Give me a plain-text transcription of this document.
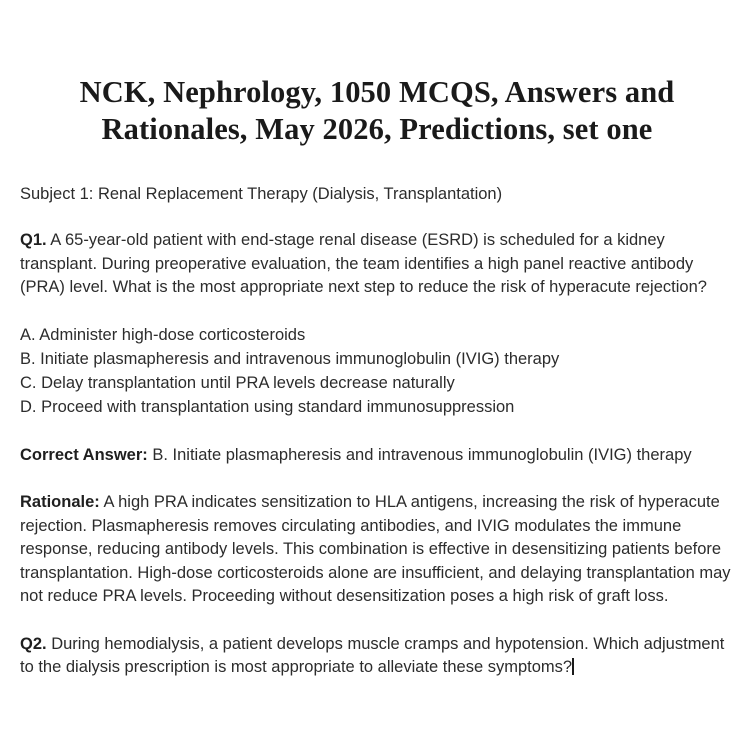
NCK, Nephrology, 1050 MCQS, Answers and Rationales, May 2026, Predictions, set one

Subject 1: Renal Replacement Therapy (Dialysis, Transplantation)

Q1. A 65-year-old patient with end-stage renal disease (ESRD) is scheduled for a kidney transplant. During preoperative evaluation, the team identifies a high panel reactive antibody (PRA) level. What is the most appropriate next step to reduce the risk of hyperacute rejection?

A. Administer high-dose corticosteroids
B. Initiate plasmapheresis and intravenous immunoglobulin (IVIG) therapy
C. Delay transplantation until PRA levels decrease naturally
D. Proceed with transplantation using standard immunosuppression

Correct Answer: B. Initiate plasmapheresis and intravenous immunoglobulin (IVIG) therapy

Rationale: A high PRA indicates sensitization to HLA antigens, increasing the risk of hyperacute rejection. Plasmapheresis removes circulating antibodies, and IVIG modulates the immune response, reducing antibody levels. This combination is effective in desensitizing patients before transplantation. High-dose corticosteroids alone are insufficient, and delaying transplantation may not reduce PRA levels. Proceeding without desensitization poses a high risk of graft loss.

Q2. During hemodialysis, a patient develops muscle cramps and hypotension. Which adjustment to the dialysis prescription is most appropriate to alleviate these symptoms?
